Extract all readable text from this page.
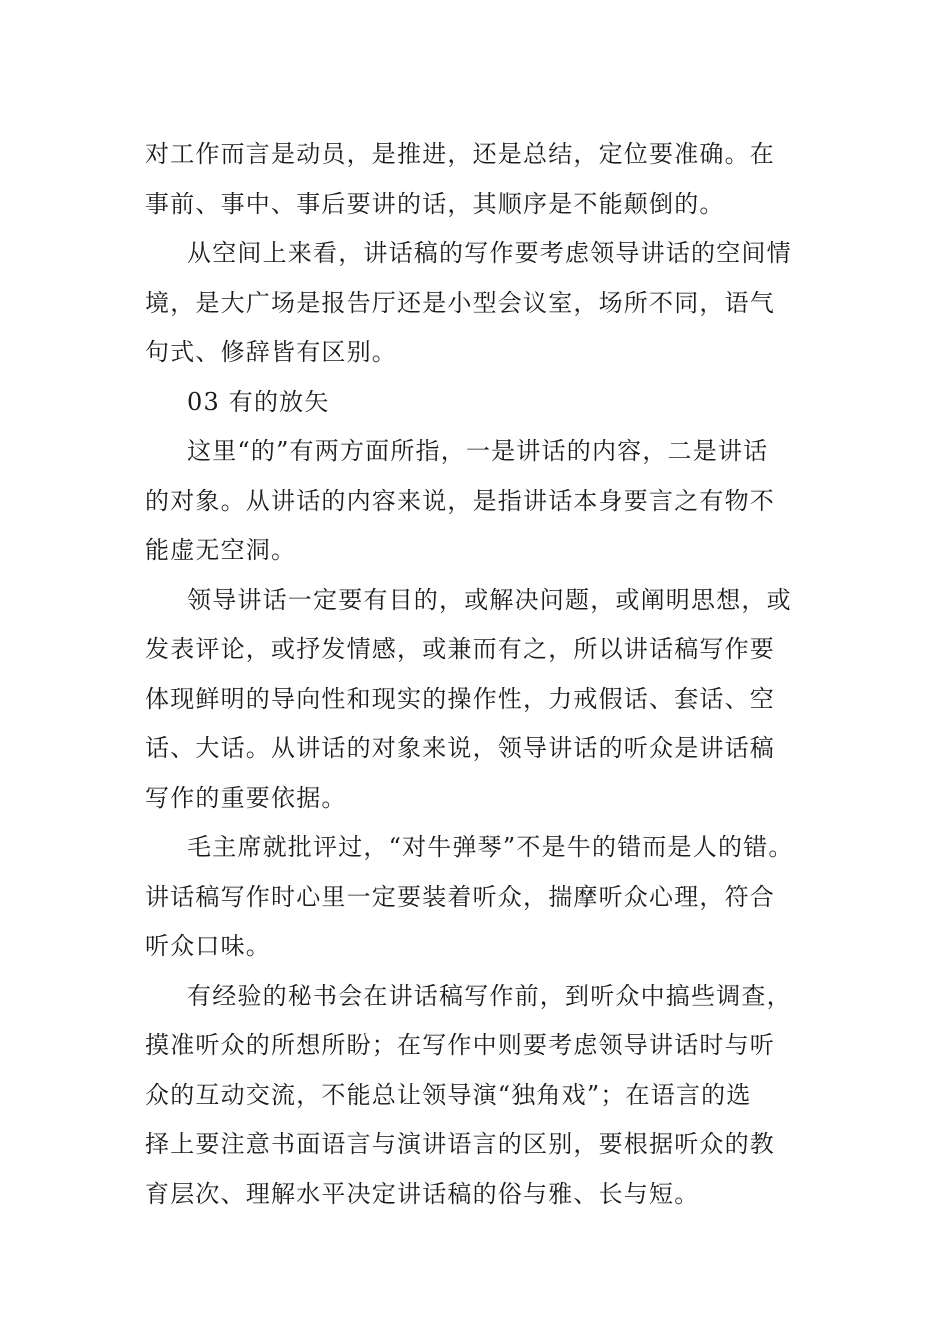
对工作而言是动员，是推进，还是总结，定位要准确。在
事前、事中、事后要讲的话，其顺序是不能颠倒的。

从空间上来看，讲话稿的写作要考虑领导讲话的空间情
境，是大广场是报告厅还是小型会议室，场所不同，语气
句式、修辞皆有区别。

03 有的放矢

这里“的”有两方面所指，一是讲话的内容，二是讲话
的对象。从讲话的内容来说，是指讲话本身要言之有物不
能虚无空洞。

领导讲话一定要有目的，或解决问题，或阐明思想，或
发表评论，或抒发情感，或兼而有之，所以讲话稿写作要
体现鲜明的导向性和现实的操作性，力戒假话、套话、空
话、大话。从讲话的对象来说，领导讲话的听众是讲话稿
写作的重要依据。

毛主席就批评过，“对牛弹琴”不是牛的错而是人的错。
讲话稿写作时心里一定要装着听众，揣摩听众心理，符合
听众口味。

有经验的秘书会在讲话稿写作前，到听众中搞些调查，
摸准听众的所想所盼；在写作中则要考虑领导讲话时与听
众的互动交流，不能总让领导演“独角戏”；在语言的选
择上要注意书面语言与演讲语言的区别，要根据听众的教
育层次、理解水平决定讲话稿的俗与雅、长与短。
